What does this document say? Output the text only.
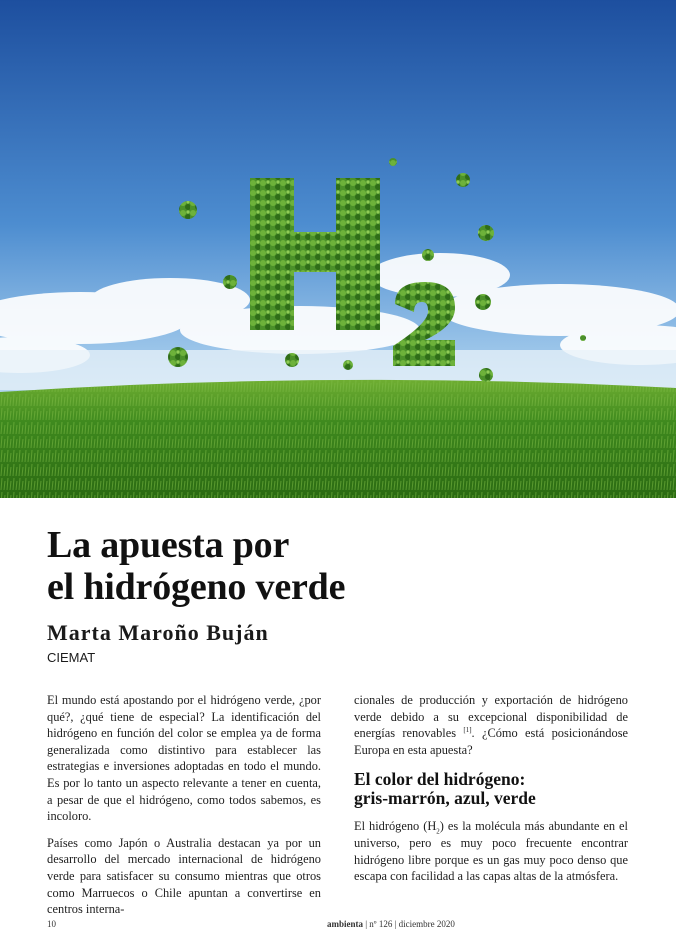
La apuesta por
el hidrógeno verde

Marta Maroño Buján

CIEMAT

El mundo está apostando por el hidrógeno verde, ¿por qué?, ¿qué tiene de especial? La identificación del hidrógeno en función del color se emplea ya de forma generalizada como distintivo para establecer las estrategias e inversiones adoptadas en todo el mundo. Es por lo tanto un aspecto relevante a tener en cuenta, a pesar de que el hidrógeno, como todos sabemos, es incoloro.

Países como Japón o Australia destacan ya por un desarrollo del mercado internacional de hidrógeno verde para satisfacer su consumo mientras que otros como Marruecos o Chile apuntan a convertirse en centros interna-

cionales de producción y exportación de hidrógeno verde debido a su excepcional disponibilidad de energías renovables [1]. ¿Cómo está posicionándose Europa en esta apuesta?

El color del hidrógeno:
gris-marrón, azul, verde

El hidrógeno $(H_2)$ es la molécula más abundante en el universo, pero es muy poco frecuente encontrar hidrógeno libre porque es un gas muy poco denso que escapa con facilidad a las capas altas de la atmósfera.

10	ambienta | nº 126 | diciembre 2020
